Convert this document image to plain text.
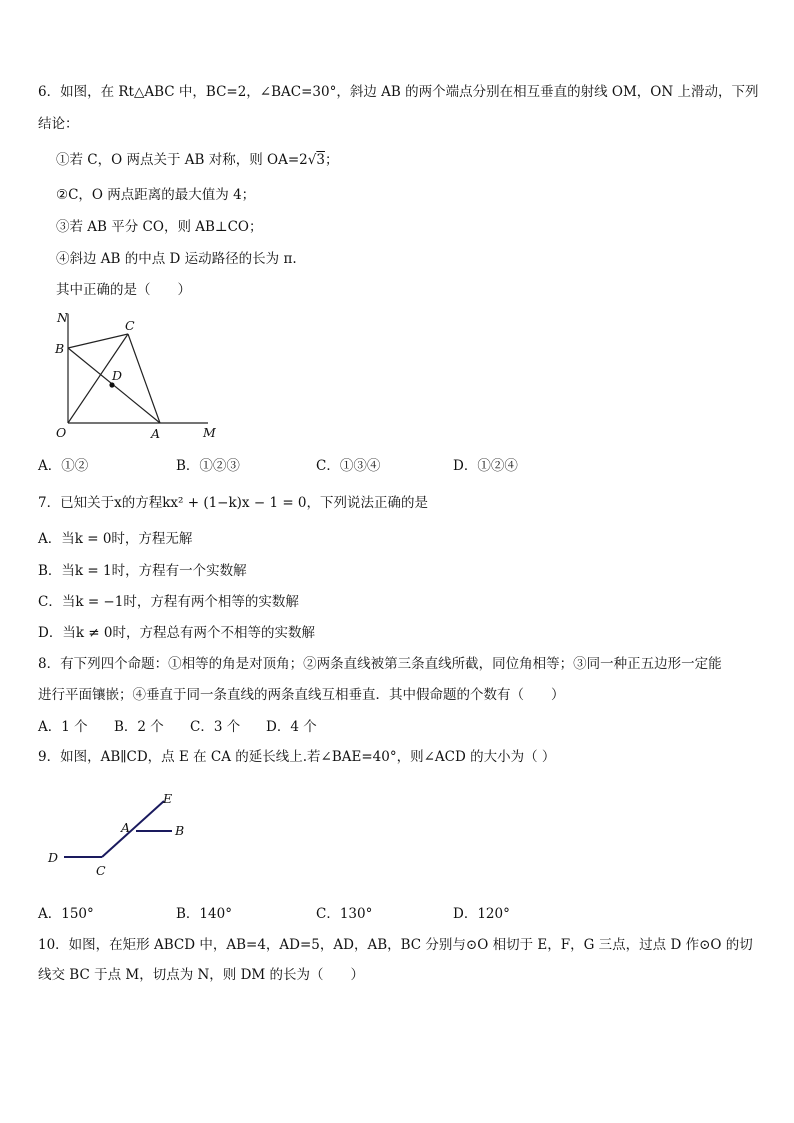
6．如图，在 Rt△ABC 中，BC=2，∠BAC=30°，斜边 AB 的两个端点分别在相互垂直的射线 OM，ON 上滑动，下列
结论：
①若 C，O 两点关于 AB 对称，则 OA=2√3；
②C，O 两点距离的最大值为 4；
③若 AB 平分 CO，则 AB⊥CO；
④斜边 AB 的中点 D 运动路径的长为 π.
其中正确的是（　　）
N
C
B
D
O	A	M
A．①②	B．①②③	C．①③④	D．①②④
7．已知关于x的方程kx² + (1−k)x − 1 = 0，下列说法正确的是
A．当k = 0时，方程无解
B．当k = 1时，方程有一个实数解
C．当k = −1时，方程有两个相等的实数解
D．当k ≠ 0时，方程总有两个不相等的实数解
8．有下列四个命题：①相等的角是对顶角；②两条直线被第三条直线所截，同位角相等；③同一种正五边形一定能
进行平面镶嵌；④垂直于同一条直线的两条直线互相垂直．其中假命题的个数有（　　）
A．1 个 B．2 个 C．3 个 D．4 个
9．如图，AB∥CD，点 E 在 CA 的延长线上.若∠BAE=40°，则∠ACD 的大小为（ ）
E
A	B
D
C
A．150°	B．140°	C．130°	D．120°
10．如图，在矩形 ABCD 中，AB=4，AD=5，AD，AB，BC 分别与⊙O 相切于 E，F，G 三点，过点 D 作⊙O 的切
线交 BC 于点 M，切点为 N，则 DM 的长为（　　）
